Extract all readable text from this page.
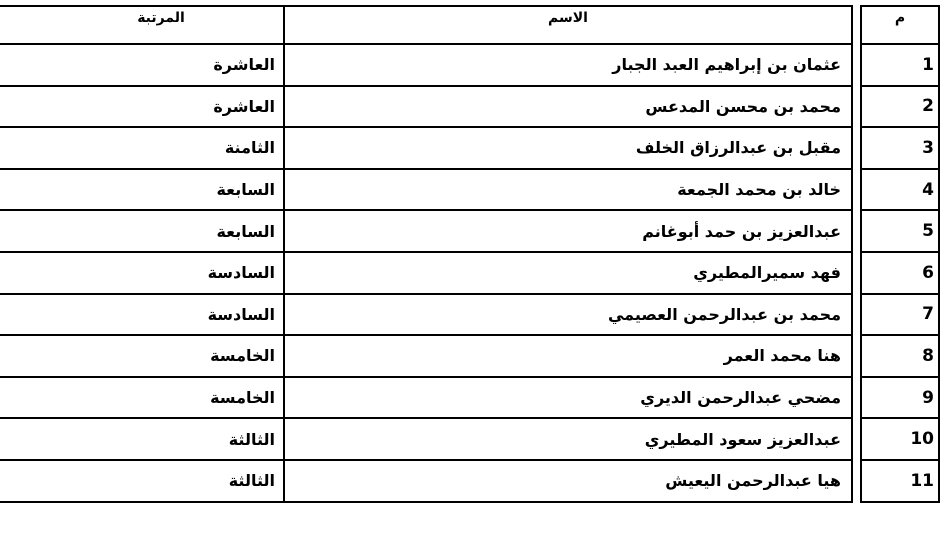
المرتبة	الاسم		م
العاشرة	عثمان بن إبراهيم العبد الجبار		1
العاشرة	محمد بن محسن المدعس		2
الثامنة	مقبل بن عبدالرزاق الخلف		3
السابعة	خالد بن محمد الجمعة		4
السابعة	عبدالعزيز بن حمد أبوغانم		5
السادسة	فهد سميرالمطيري		6
السادسة	محمد بن عبدالرحمن العصيمي		7
الخامسة	هنا محمد العمر		8
الخامسة	مضحي عبدالرحمن الديري		9
الثالثة	عبدالعزيز سعود المطيري		10
الثالثة	هيا عبدالرحمن اليعيش		11
